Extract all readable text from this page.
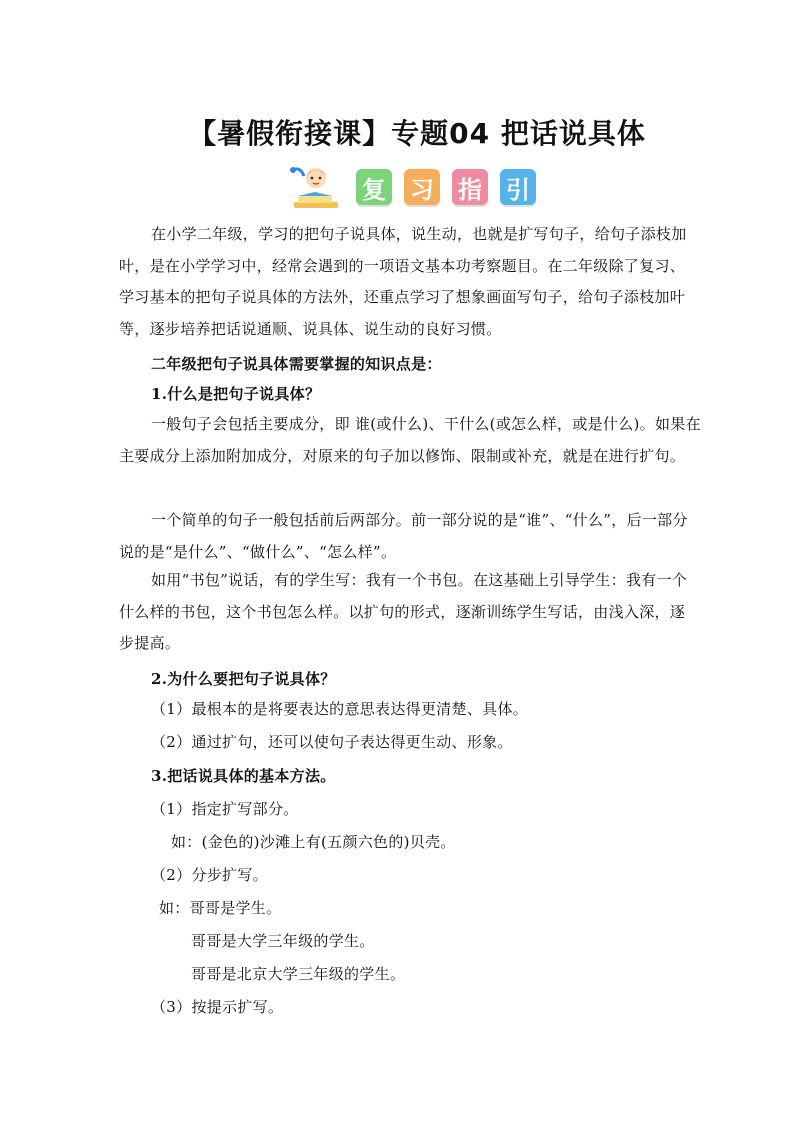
【暑假衔接课】专题04 把话说具体
复 习 指 引

在小学二年级，学习的把句子说具体，说生动，也就是扩写句子，给句子添枝加叶，是在小学学习中，经常会遇到的一项语文基本功考察题目。在二年级除了复习、学习基本的把句子说具体的方法外，还重点学习了想象画面写句子，给句子添枝加叶等，逐步培养把话说通顺、说具体、说生动的良好习惯。

二年级把句子说具体需要掌握的知识点是：

1.什么是把句子说具体？

一般句子会包括主要成分，即 谁(或什么)、干什么(或怎么样，或是什么)。如果在主要成分上添加附加成分，对原来的句子加以修饰、限制或补充，就是在进行扩句。

一个简单的句子一般包括前后两部分。前一部分说的是“谁”、“什么”，后一部分说的是“是什么”、“做什么”、“怎么样”。

如用“书包”说话，有的学生写：我有一个书包。在这基础上引导学生：我有一个什么样的书包，这个书包怎么样。以扩句的形式，逐渐训练学生写话，由浅入深，逐步提高。

2.为什么要把句子说具体？

（1）最根本的是将要表达的意思表达得更清楚、具体。

（2）通过扩句，还可以使句子表达得更生动、形象。

3.把话说具体的基本方法。

（1）指定扩写部分。

如：(金色的)沙滩上有(五颜六色的)贝壳。

（2）分步扩写。

如：哥哥是学生。

哥哥是大学三年级的学生。

哥哥是北京大学三年级的学生。

（3）按提示扩写。
